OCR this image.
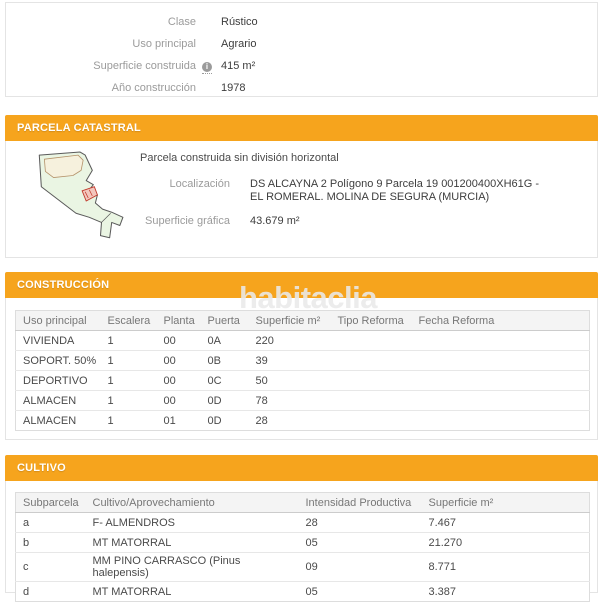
Clase Rústico
Uso principal Agrario
Superficie construida	i	415 m²
Año construcción 1978
PARCELA CATASTRAL
Parcela construida sin división horizontal
Localización DS ALCAYNA 2 Polígono 9 Parcela 19 001200400XH61G -
EL ROMERAL. MOLINA DE SEGURA (MURCIA)
Superficie gráfica 43.679 m²
CONSTRUCCIÓN
Uso principal	Escalera	Planta	Puerta	Superficie m²	Tipo Reforma	Fecha Reforma
VIVIENDA	1	00	0A	220		
SOPORT. 50%	1	00	0B	39		
DEPORTIVO	1	00	0C	50		
ALMACEN	1	00	0D	78		
ALMACEN	1	01	0D	28		
CULTIVO
Subparcela	Cultivo/Aprovechamiento	Intensidad Productiva	Superficie m²
a	F- ALMENDROS	28	7.467
b	MT MATORRAL	05	21.270
c	MM PINO CARRASCO (Pinus halepensis)	09	8.771
d	MT MATORRAL	05	3.387
habitaclia
